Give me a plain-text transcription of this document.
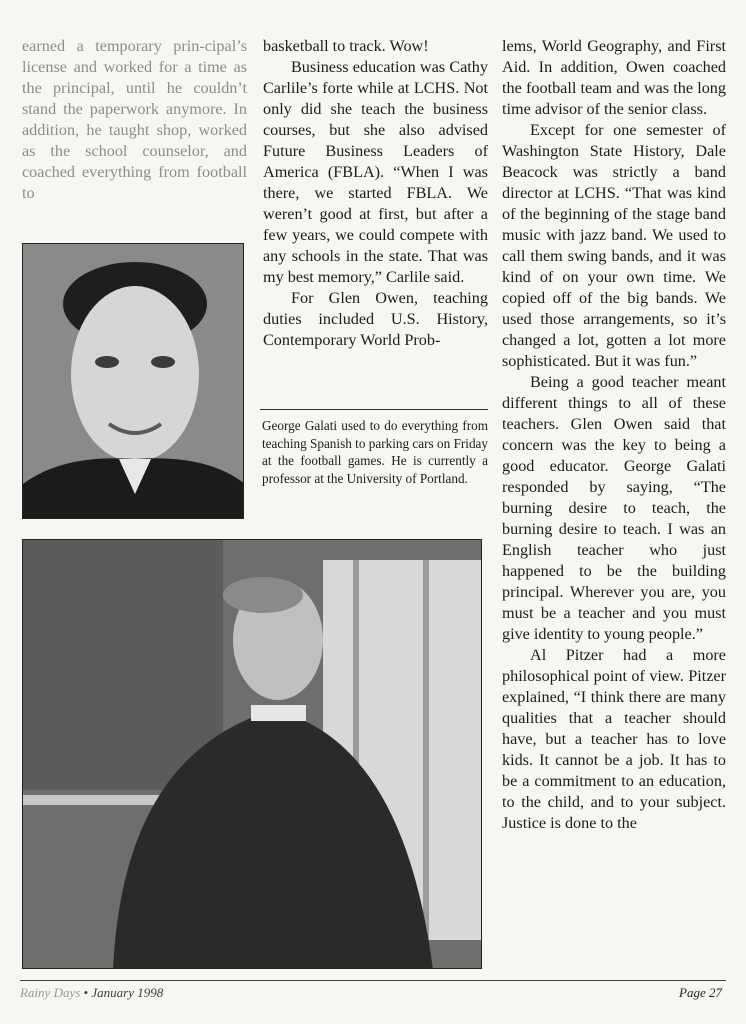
earned a temporary prin-cipal’s license and worked for a time as the principal, until he couldn’t stand the paperwork anymore. In addition, he taught shop, worked as the school counselor, and coached everything from football to

basketball to track. Wow!

Business education was Cathy Carlile’s forte while at LCHS. Not only did she teach the business courses, but she also advised Future Business Leaders of America (FBLA). “When I was there, we started FBLA. We weren’t good at first, but after a few years, we could compete with any schools in the state. That was my best memory,” Carlile said.

For Glen Owen, teaching duties included U.S. History, Contemporary World Prob-

George Galati used to do everything from teaching Spanish to parking cars on Friday at the football games. He is currently a professor at the University of Portland.

lems, World Geography, and First Aid. In addition, Owen coached the football team and was the long time advisor of the senior class.

Except for one semester of Washington State History, Dale Beacock was strictly a band director at LCHS. “That was kind of the beginning of the stage band music with jazz band. We used to call them swing bands, and it was kind of on your own time. We copied off of the big bands. We used those arrangements, so it’s changed a lot, gotten a lot more sophisticated. But it was fun.”

Being a good teacher meant different things to all of these teachers. Glen Owen said that concern was the key to being a good educator. George Galati responded by saying, “The burning desire to teach, the burning desire to teach. I was an English teacher who just happened to be the building principal. Wherever you are, you must be a teacher and you must give identity to young people.”

Al Pitzer had a more philosophical point of view. Pitzer explained, “I think there are many qualities that a teacher should have, but a teacher has to love kids. It cannot be a job. It has to be a commitment to an education, to the child, and to your subject. Justice is done to the

Rainy Days • January 1998	Page 27
